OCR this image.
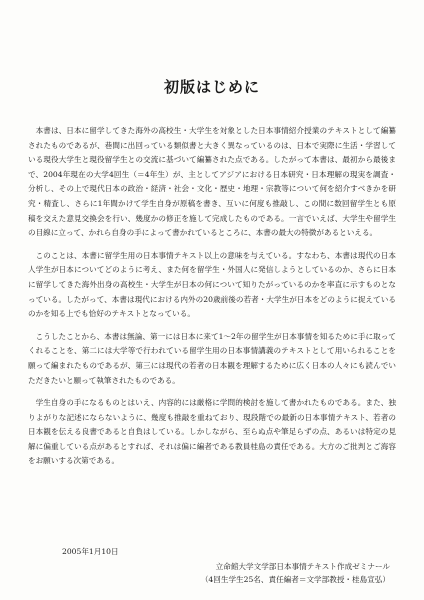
初版はじめに

本書は、日本に留学してきた海外の高校生・大学生を対象とした日本事情紹介授業のテキストとして編纂されたものであるが、巷間に出回っている類似書と大きく異なっているのは、日本で実際に生活・学習している現役大学生と現役留学生との交流に基づいて編纂された点である。したがって本書は、最初から最後まで、2004年現在の大学4回生（＝4年生）が、主としてアジアにおける日本研究・日本理解の現実を調査・分析し、その上で現代日本の政治・経済・社会・文化・歴史・地理・宗教等について何を紹介すべきかを研究・精査し、さらに1年間かけて学生自身が原稿を書き、互いに何度も推敲し、この間に数回留学生とも原稿を交えた意見交換会を行い、幾度かの修正を施して完成したものである。一言でいえば、大学生や留学生の目線に立って、かれら自身の手によって書かれているところに、本書の最大の特徴があるといえる。

このことは、本書に留学生用の日本事情テキスト以上の意味を与えている。すなわち、本書は現代の日本人学生が日本についてどのように考え、また何を留学生・外国人に発信しようとしているのか、さらに日本に留学してきた海外出身の高校生・大学生が日本の何について知りたがっているのかを率直に示すものとなっている。したがって、本書は現代における内外の20歳前後の若者・大学生が日本をどのように捉えているのかを知る上でも恰好のテキストとなっている。

こうしたことから、本書は無論、第一には日本に来て1〜2年の留学生が日本事情を知るために手に取ってくれることを、第二には大学等で行われている留学生用の日本事情講義のテキストとして用いられることを願って編まれたものであるが、第三には現代の若者の日本観を理解するために広く日本の人々にも読んでいただきたいと願って執筆されたものである。

学生自身の手になるものとはいえ、内容的には厳格に学問的検討を施して書かれたものである。また、独りよがりな記述にならないように、幾度も推敲を重ねており、現段階での最新の日本事情テキスト、若者の日本観を伝える良書であると自負はしている。しかしながら、至らぬ点や筆足らずの点、あるいは特定の見解に偏重している点があるとすれば、それは偏に編者である教員桂島の責任である。大方のご批判とご海容をお願いする次第である。

2005年1月10日
立命館大学文学部日本事情テキスト作成ゼミナール
（4回生学生25名、責任編者＝文学部教授・桂島宣弘）
